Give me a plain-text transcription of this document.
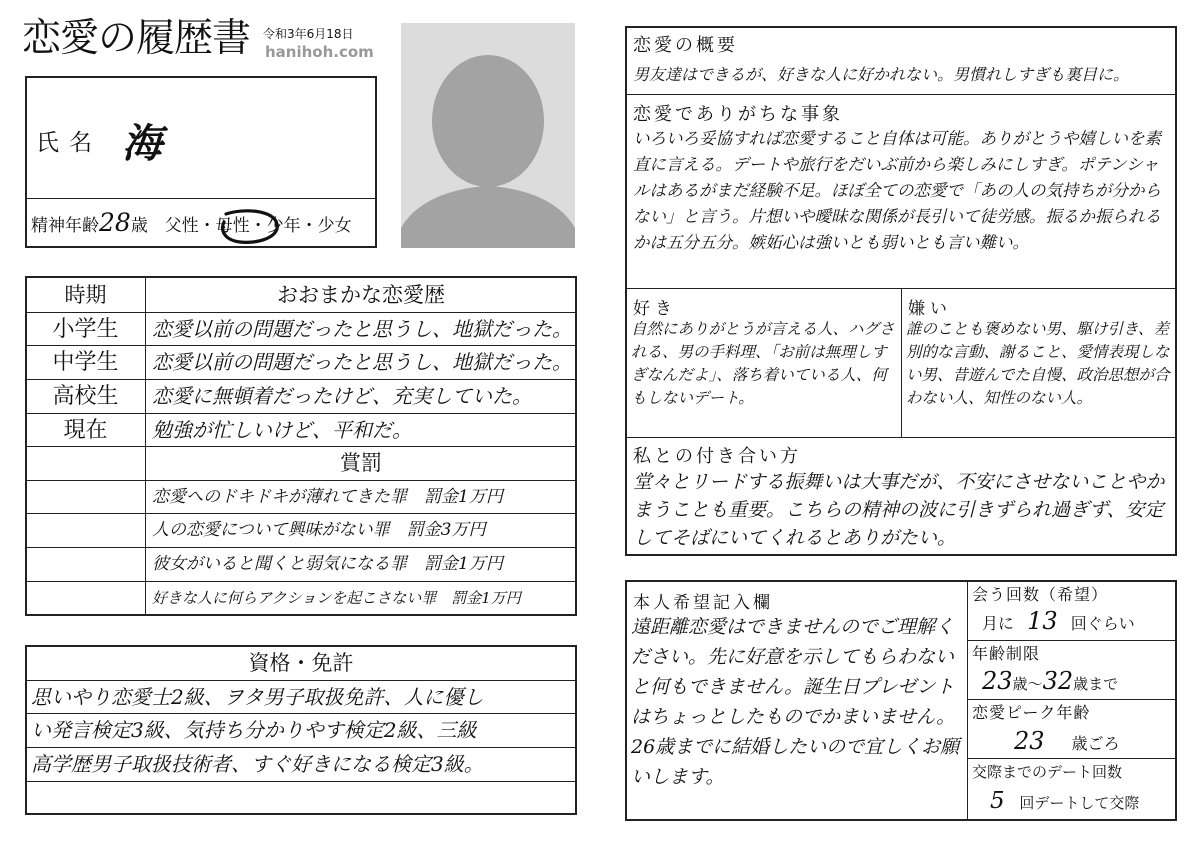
恋愛の履歴書 令和3年6月18日
hanihoh.com
氏名 海
精神年齢28歳 父性・母性・少年・少女
時期	おおまかな恋愛歴
小学生	恋愛以前の問題だったと思うし、地獄だった。
中学生	恋愛以前の問題だったと思うし、地獄だった。
高校生	恋愛に無頓着だったけど、充実していた。
現在	勉強が忙しいけど、平和だ。
賞罰
恋愛へのドキドキが薄れてきた罪　罰金1万円
人の恋愛について興味がない罪　罰金3万円
彼女がいると聞くと弱気になる罪　罰金1万円
好きな人に何らアクションを起こさない罪　罰金1万円
資格・免許
思いやり恋愛士2級、ヲタ男子取扱免許、人に優し
い発言検定3級、気持ち分かりやす検定2級、三級
高学歴男子取扱技術者、すぐ好きになる検定3級。
恋愛の概要
男友達はできるが、好きな人に好かれない。男慣れしすぎも裏目に。
恋愛でありがちな事象
いろいろ妥協すれば恋愛すること自体は可能。ありがとうや嬉しいを素直に言える。デートや旅行をだいぶ前から楽しみにしすぎ。ポテンシャルはあるがまだ経験不足。ほぼ全ての恋愛で「あの人の気持ちが分からない」と言う。片想いや曖昧な関係が長引いて徒労感。振るか振られるかは五分五分。嫉妬心は強いとも弱いとも言い難い。
好き
自然にありがとうが言える人、ハグされる、男の手料理、「お前は無理しすぎなんだよ」、落ち着いている人、何もしないデート。
嫌い
誰のことも褒めない男、駆け引き、差別的な言動、謝ること、愛情表現しない男、昔遊んでた自慢、政治思想が合わない人、知性のない人。
私との付き合い方
堂々とリードする振舞いは大事だが、不安にさせないことやかまうことも重要。こちらの精神の波に引きずられ過ぎず、安定してそばにいてくれるとありがたい。
本人希望記入欄
遠距離恋愛はできませんのでご理解ください。先に好意を示してもらわないと何もできません。誕生日プレゼントはちょっとしたものでかまいません。26歳までに結婚したいので宜しくお願いします。
会う回数（希望）
月に 13 回ぐらい
年齢制限
23歳〜32歳まで
恋愛ピーク年齢
23 歳ごろ
交際までのデート回数
5 回デートして交際
